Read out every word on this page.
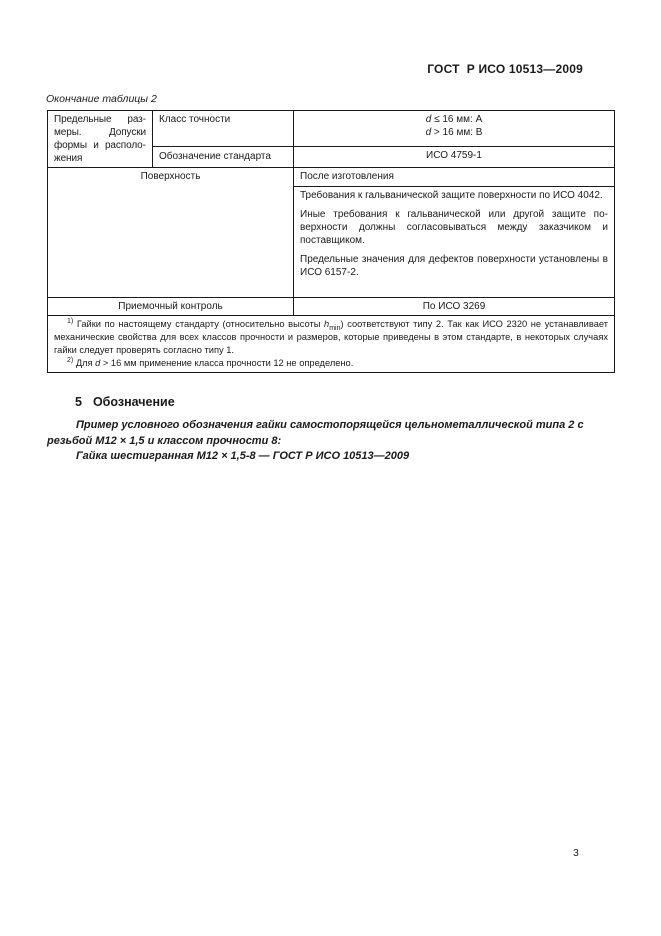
ГОСТ  Р ИСО 10513—2009
Окончание таблицы 2
Предельные размеры. Допуски формы и расположения	Класс точности	d ≤ 16 мм: А
d > 16 мм: В

	Обозначение стандарта	ИСО 4759-1
Поверхность		После изготовления

		Требования к гальванической защите поверхности по ИСО 4042.

Иные требования к гальванической или другой защите поверхности должны согласовываться между заказчиком и поставщиком.

Предельные значения для дефектов поверхности установлены в ИСО 6157-2.

Приемочный контроль		По ИСО 3269

$^{1)}$ Гайки по настоящему стандарту (относительно высоты $h_{min}$) соответствуют типу 2. Так как ИСО 2320 не устанавливает механические свойства для всех классов прочности и размеров, которые приведены в этом стандарте, в некоторых случаях гайки следует проверять согласно типу 1.

$^{2)}$ Для d > 16 мм применение класса прочности 12 не определено.		

5 Обозначение
Пример условного обозначения гайки самостопорящейся цельнометаллической типа 2 с
резьбой М12 × 1,5 и классом прочности 8:
Гайка шестигранная М12 × 1,5-8 — ГОСТ Р ИСО 10513—2009
3
